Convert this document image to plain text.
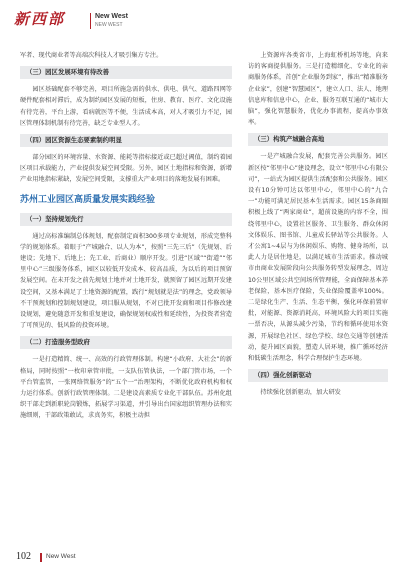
新西部	New West
NEW WEST
军者、现代商业者等高端次科技人才吸引集方专注。
（三）园区发展环境有待改善
园区基础配套不够完善，项目所施急需的供水、供电、供气、道路四网等硬件配套相对滞后，成为制约园区发展的短板，住房、教育、医疗、文化设施有待完善，平台上游，看病就医等不便，生活成本高，对人才吸引力不足，园区管理体制机制有待完善，缺乏专业型人才。
（四）园区资源生态要素制约明显
部分园区的环境容量、水资源、能耗等指标接近或已超过阈值，制约着园区项目承载能力，产业提供发展空间受限。另外，园区土地指标和资源，新增产业用地指标紧缺，发展空间受限，支撑重大产业项目的落地发展有困难。
苏州工业园区高质量发展实践经验
（一）坚持规划先行
通过高标准编制总体规划，配套制定面积300多项专业规划，形成完整科学的规划体系。着眼于“产城融合、以人为本”，按照“三先三后”（先规划、后建设；先地下、后地上；先工业、后商业）顺序开发。引进“区域”“街道”“邻里中心”三级服务体系，园区以较低开发成本、较高品质，为以后的项目预留发展空间。在未开发之前先规划土地并对土地开发，就预留了园区远期开发建设空间，又基本满足了土地资源的配置，践行“规划就是法”的理念，党政领导不干预规划和控制规划建设，项目服从规划，不对已批开发商和项目作修改建设规划，避免随意开发和重复建设，确保规划权威性和延续性，为投资者营造了可预见的、低风险的投资环境。
（二）打造服务型政府
一是打造精简、统一、高效的行政管理体制。构建“小政府、大社会”的新格局，同时按照“一枚印章管审批，一支队伍管执法，一个部门管市场，一个平台管监管，一张网络管服务”的“五个一”治理架构，不断优化政府机构和权力运行体系。创新行政管理体制。二是建设高素质专业化干部队伍。苏州化组织干部走到新职轮岗锻炼，拓展学习渠道，并引导出台国家组织管理办法和实施细则，干部政策敢试，求真务实，积极主动担
上资源库各类省市，上海虹桥机场等地，向来访的客商提供服务。三是打造精细化、专业化的亲商服务体系，首创“企业服务到家”，推出“精准服务企业家”，创建“智慧园区”，建立人口、法人、地理信息库和信息中心，企业、服务互联互通的“城市大脑”，强化智慧服务，优化办事流程，提高办事效率。
（三）构筑产城融合高地
一是产城融合发展，配套完善公共服务。园区新区按“邻里中心”建设理念，设立“邻里中心有限公司”，一站式为园区提供生活配套和公共服务。园区设有10分钟可达以邻里中心，邻里中心的“九合一”功能可满足居民基本生活需求。园区15条商圈积极上线了“两家商业”，超前设施的内容不全，围绕邻里中心，设置社区服务、卫生服务、群众休闲文体娱乐、图书馆、儿童成长驿站等公共服务。人才公寓1~4层与为休闲娱乐、购物、健身场所，以此人力是居住地是，以满足城市生活需求。推动城市由商业发展阶段向公共服务转型发展理念，周边10公里区域公共空间场所管理能，全面保障基本养老保险，基本医疗保险，失业保险覆盖率100%。二是绿化生产、生活、生态平衡，强化环保前置审批，对能源、资源消耗高，环境风险大的项目实施一票否决，从源头减少污染，节约和循环使用水资源，开展绿色社区、绿色学校、绿色交通等创建活动，提升园区面貌，塑造人居环境，推广循环经济和低碳生活理念，科学合理保护生态环境。
（四）强化创新驱动
持续强化创新驱动，加大研发
102 New West
